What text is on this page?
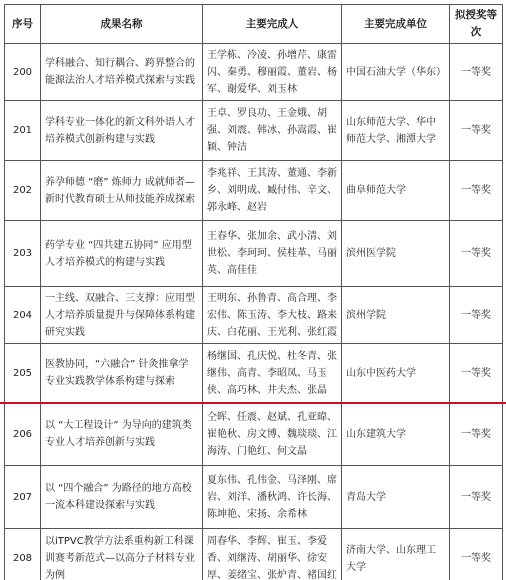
序号	成果名称	主要完成人	主要完成单位	拟授奖等次
200	学科融合、知行耦合、跨界整合的能源法治人才培养模式探索与实践	王学栋、冷凌、孙增芹、康雷闪、秦勇、穆丽霞、董岩、杨军、谢爱华、刘玉林	中国石油大学（华东）	一等奖
201	学科专业一体化的新文科外语人才培养模式创新构建与实践	王卓、罗良功、王金娥、胡强、刘震、韩冰、孙嵩霞、崔颖、钟洁	山东师范大学、华中师范大学、湘潭大学	一等奖
202	养孕师德 “磨” 炼师力 成就师者—新时代教育硕士从师技能养成探索	李兆祥、王其涛、董通、李新乡、刘明成、臧付伟、辛文、郭永峰、赵岩	曲阜师范大学	一等奖
203	药学专业 “四共建五协同” 应用型人才培养模式的构建与实践	王春华、张加余、武小清、刘世松、李珂珂、侯桂革、马丽英、高佳佳	滨州医学院	一等奖
204	一主线、双融合、三支撑：应用型人才培养质量提升与保障体系构建研究实践	王明东、孙鲁青、高合理、李宏伟、陈玉涛、李大枝、路来庆、白花丽、王光利、张红霞	滨州学院	一等奖
205	医教协同，“六融合” 针灸推拿学专业实践教学体系构建与探索	杨继国、孔庆悦、杜冬青、张继伟、高青、李昭凤、马玉侠、高巧林、井夫杰、张晶	山东中医药大学	一等奖
206	以 “大工程设计” 为导向的建筑类专业人才培养创新与实践	仝晖、任震、赵斌、孔亚暐、崔艳秋、房文博、魏琰琰、江海涛、门艳红、何文晶	山东建筑大学	一等奖
207	以 “四个融合” 为路径的地方高校一流本科建设探索与实践	夏东伟、孔伟金、马泽刚、席岩、刘洋、潘秋鸿、许长海、陈坤艳、宋扬、余希林	青岛大学	一等奖
208	以iTPVC教学方法系重构新工科课训赛考新范式—以高分子材料专业为例	周春华、李辉、崔玉、李爱香、刘继涛、胡丽华、徐安厚、姜绪宝、张炉青、褚国红	济南大学、山东理工大学	一等奖
